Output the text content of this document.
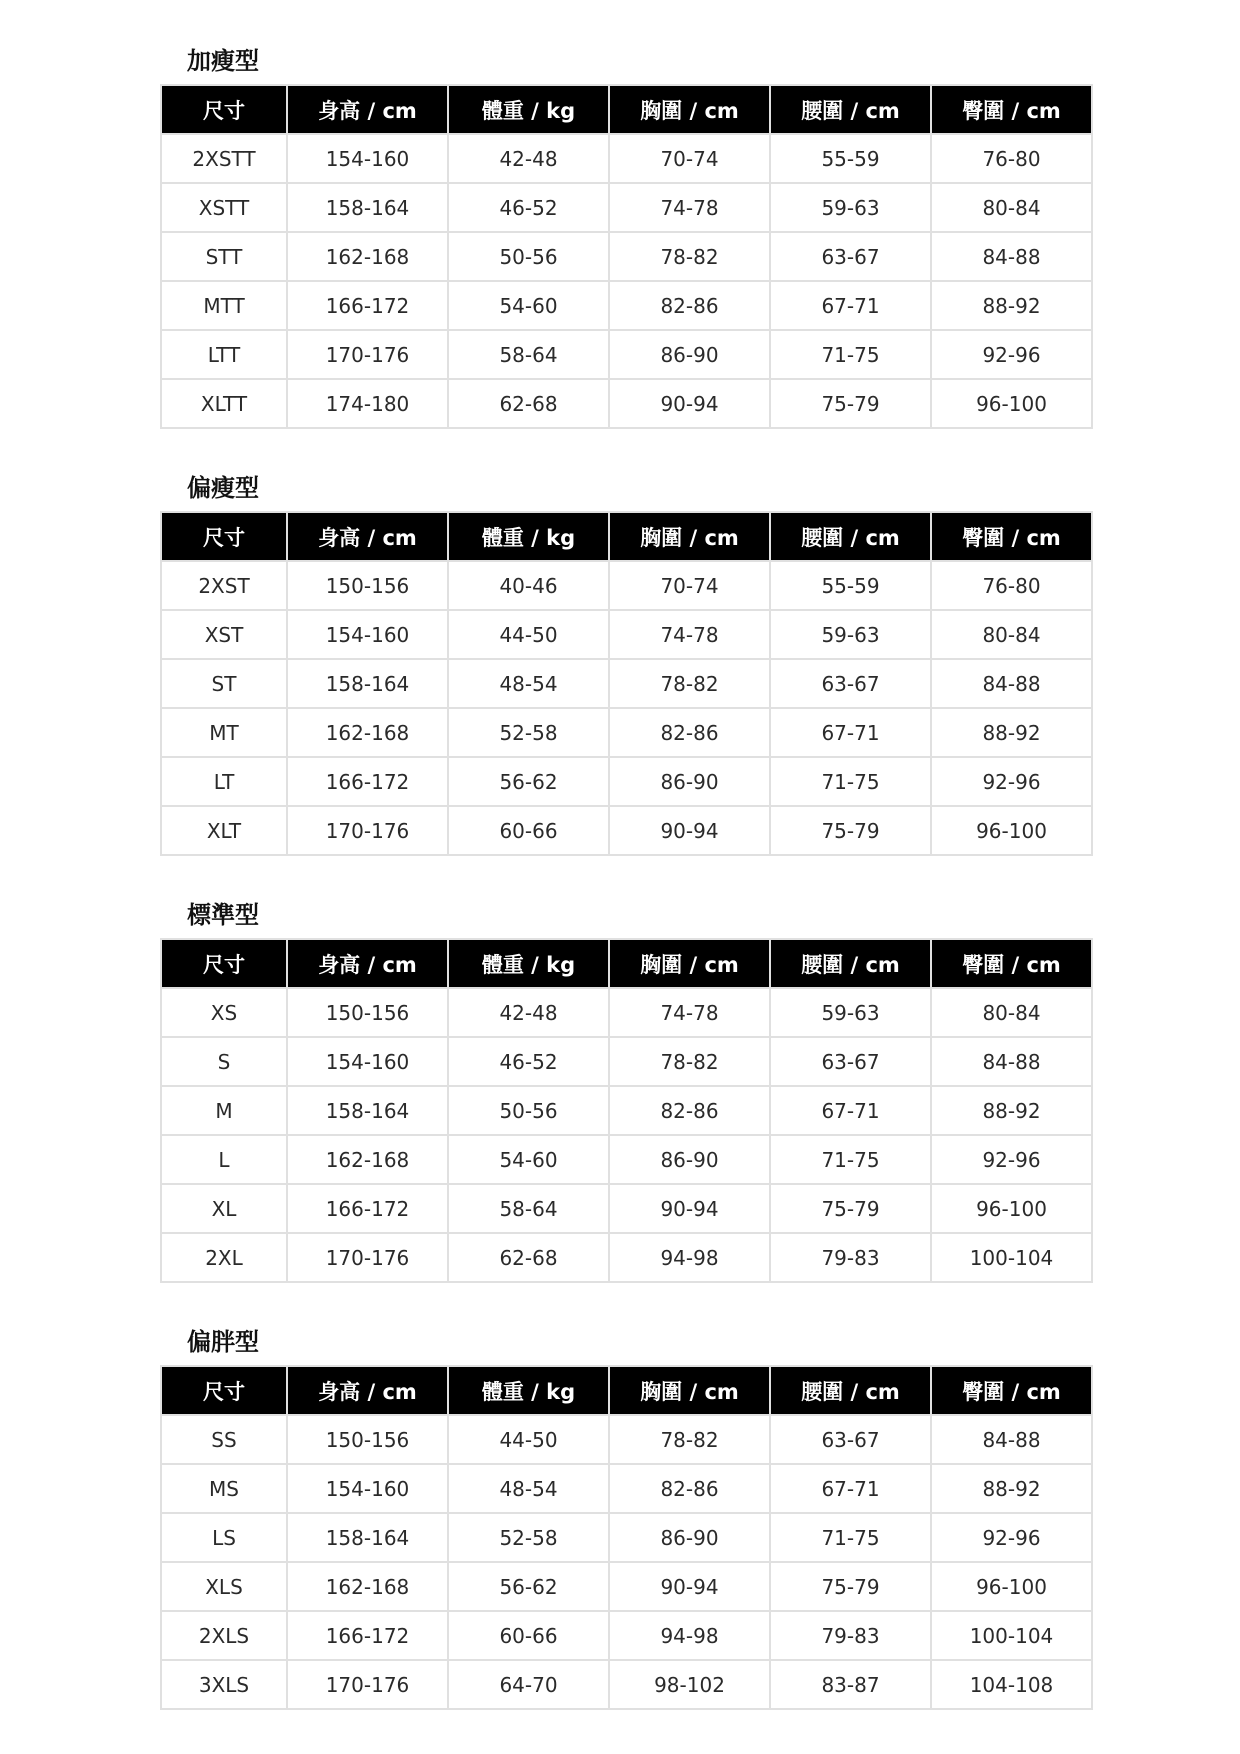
加瘦型
尺寸	身高 / cm	體重 / kg	胸圍 / cm	腰圍 / cm	臀圍 / cm
2XSTT	154-160	42-48	70-74	55-59	76-80
XSTT	158-164	46-52	74-78	59-63	80-84
STT	162-168	50-56	78-82	63-67	84-88
MTT	166-172	54-60	82-86	67-71	88-92
LTT	170-176	58-64	86-90	71-75	92-96
XLTT	174-180	62-68	90-94	75-79	96-100
偏瘦型
尺寸	身高 / cm	體重 / kg	胸圍 / cm	腰圍 / cm	臀圍 / cm
2XST	150-156	40-46	70-74	55-59	76-80
XST	154-160	44-50	74-78	59-63	80-84
ST	158-164	48-54	78-82	63-67	84-88
MT	162-168	52-58	82-86	67-71	88-92
LT	166-172	56-62	86-90	71-75	92-96
XLT	170-176	60-66	90-94	75-79	96-100
標準型
尺寸	身高 / cm	體重 / kg	胸圍 / cm	腰圍 / cm	臀圍 / cm
XS	150-156	42-48	74-78	59-63	80-84
S	154-160	46-52	78-82	63-67	84-88
M	158-164	50-56	82-86	67-71	88-92
L	162-168	54-60	86-90	71-75	92-96
XL	166-172	58-64	90-94	75-79	96-100
2XL	170-176	62-68	94-98	79-83	100-104
偏胖型
尺寸	身高 / cm	體重 / kg	胸圍 / cm	腰圍 / cm	臀圍 / cm
SS	150-156	44-50	78-82	63-67	84-88
MS	154-160	48-54	82-86	67-71	88-92
LS	158-164	52-58	86-90	71-75	92-96
XLS	162-168	56-62	90-94	75-79	96-100
2XLS	166-172	60-66	94-98	79-83	100-104
3XLS	170-176	64-70	98-102	83-87	104-108
